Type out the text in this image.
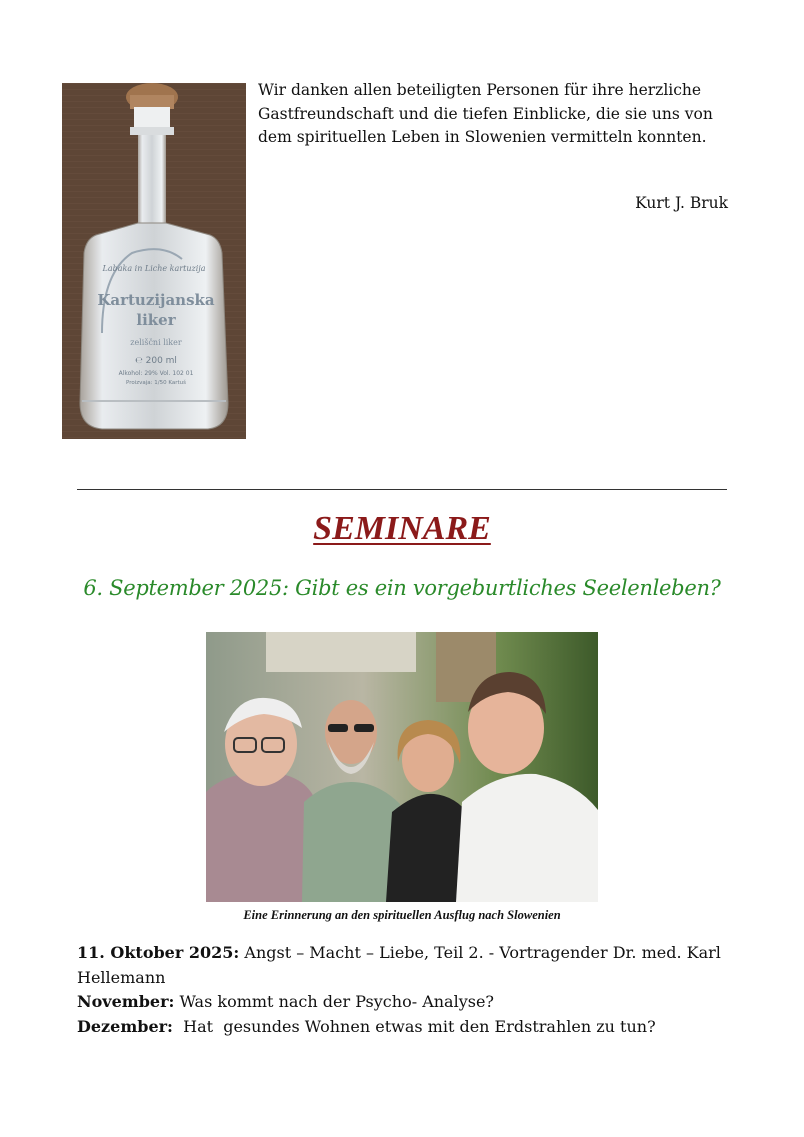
Labaka in Liche kartuzija
Kartuzijanska
liker
zeliščni liker
℮ 200 ml
Alkohol: 29% Vol. 102 01
Proizvaja: 1/50 Kartuš

Wir danken allen beteiligten Personen für ihre herzliche Gastfreundschaft und die tiefen Einblicke, die sie uns von dem spirituellen Leben in Slowenien vermitteln konnten.

Kurt J. Bruk
SEMINARE
6. September 2025: Gibt es ein vorgeburtliches Seelenleben?
Eine Erinnerung an den spirituellen Ausflug nach Slowenien

11. Oktober 2025: Angst – Macht – Liebe, Teil 2. - Vortragender Dr. med. Karl Hellemann

November: Was kommt nach der Psycho- Analyse?

Dezember:  Hat  gesundes Wohnen etwas mit den Erdstrahlen zu tun?
